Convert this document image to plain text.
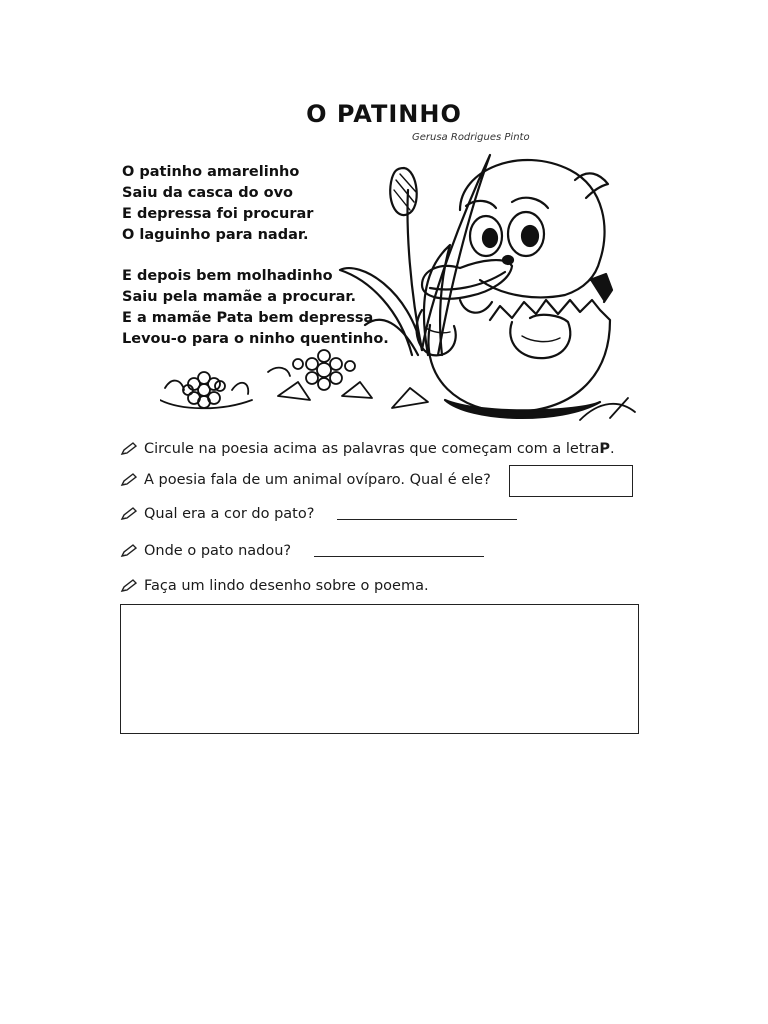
O PATINHO
Gerusa Rodrigues Pinto
O patinho amarelinho
Saiu da casca do ovo
E depressa foi procurar
O laguinho para nadar.
E depois bem molhadinho
Saiu pela mamãe a procurar.
E a mamãe Pata bem depressa
Levou-o para o ninho quentinho.
Circule na poesia acima as palavras que começam com a letra P .
A poesia fala de um animal ovíparo. Qual é ele?
Qual era a cor do pato?
Onde o pato nadou?
Faça um lindo desenho sobre o poema.
